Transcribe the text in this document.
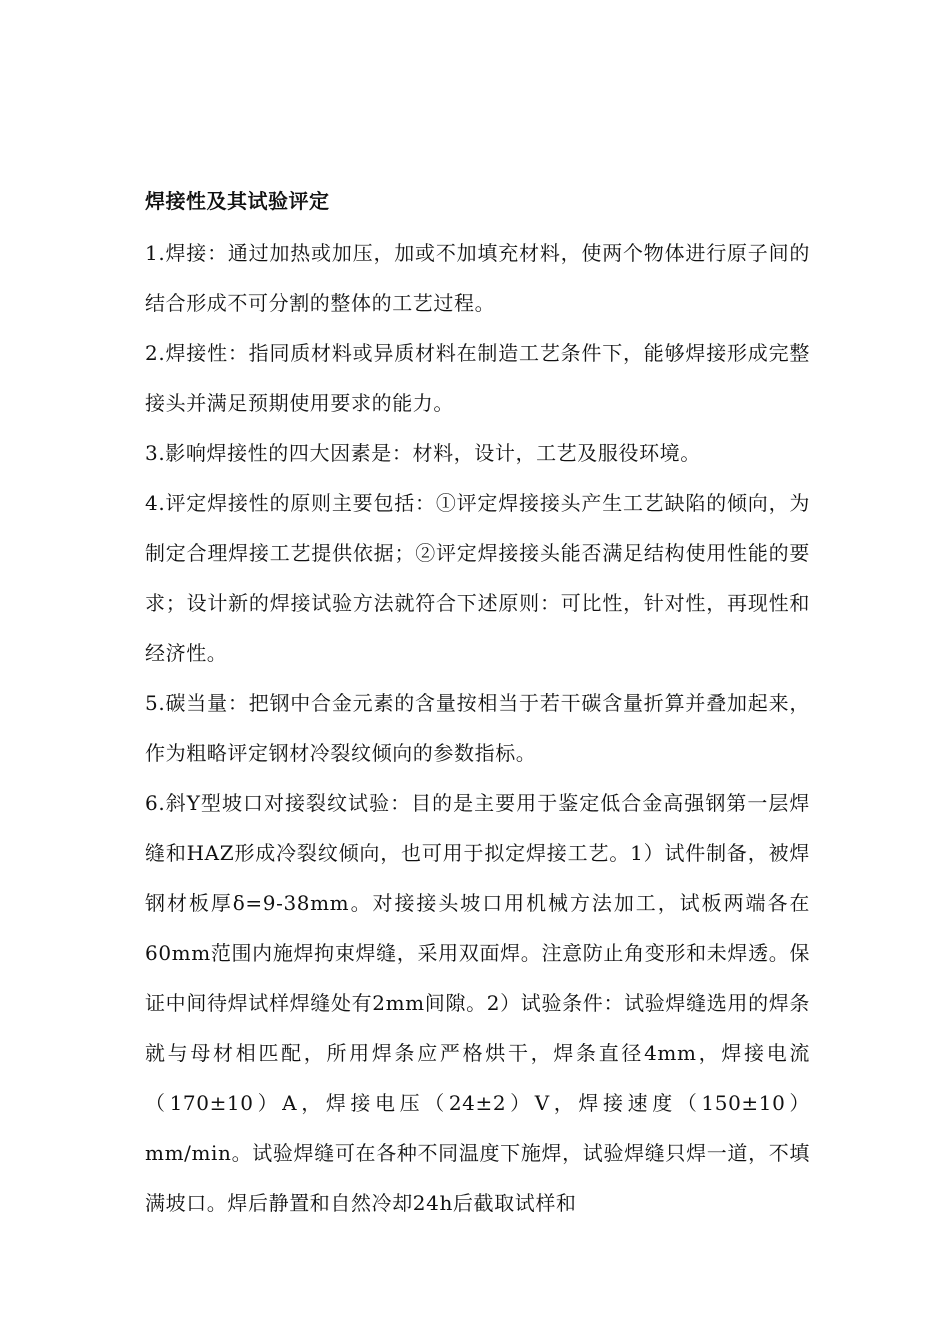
焊接性及其试验评定

1.焊接：通过加热或加压，加或不加填充材料，使两个物体进行原子间的结合形成不可分割的整体的工艺过程。

2.焊接性：指同质材料或异质材料在制造工艺条件下，能够焊接形成完整接头并满足预期使用要求的能力。

3.影响焊接性的四大因素是：材料，设计，工艺及服役环境。

4.评定焊接性的原则主要包括：①评定焊接接头产生工艺缺陷的倾向，为制定合理焊接工艺提供依据；②评定焊接接头能否满足结构使用性能的要求；设计新的焊接试验方法就符合下述原则：可比性，针对性，再现性和经济性。

5.碳当量：把钢中合金元素的含量按相当于若干碳含量折算并叠加起来，作为粗略评定钢材冷裂纹倾向的参数指标。

6.斜Y型坡口对接裂纹试验：目的是主要用于鉴定低合金高强钢第一层焊缝和HAZ形成冷裂纹倾向，也可用于拟定焊接工艺。1）试件制备，被焊钢材板厚δ=9-38mm。对接接头坡口用机械方法加工，试板两端各在60mm范围内施焊拘束焊缝，采用双面焊。注意防止角变形和未焊透。保证中间待焊试样焊缝处有2mm间隙。2）试验条件：试验焊缝选用的焊条就与母材相匹配，所用焊条应严格烘干，焊条直径4mm，焊接电流（170±10）A，焊接电压（24±2）V，焊接速度（150±10）mm/min。试验焊缝可在各种不同温度下施焊，试验焊缝只焊一道，不填满坡口。焊后静置和自然冷却24h后截取试样和
